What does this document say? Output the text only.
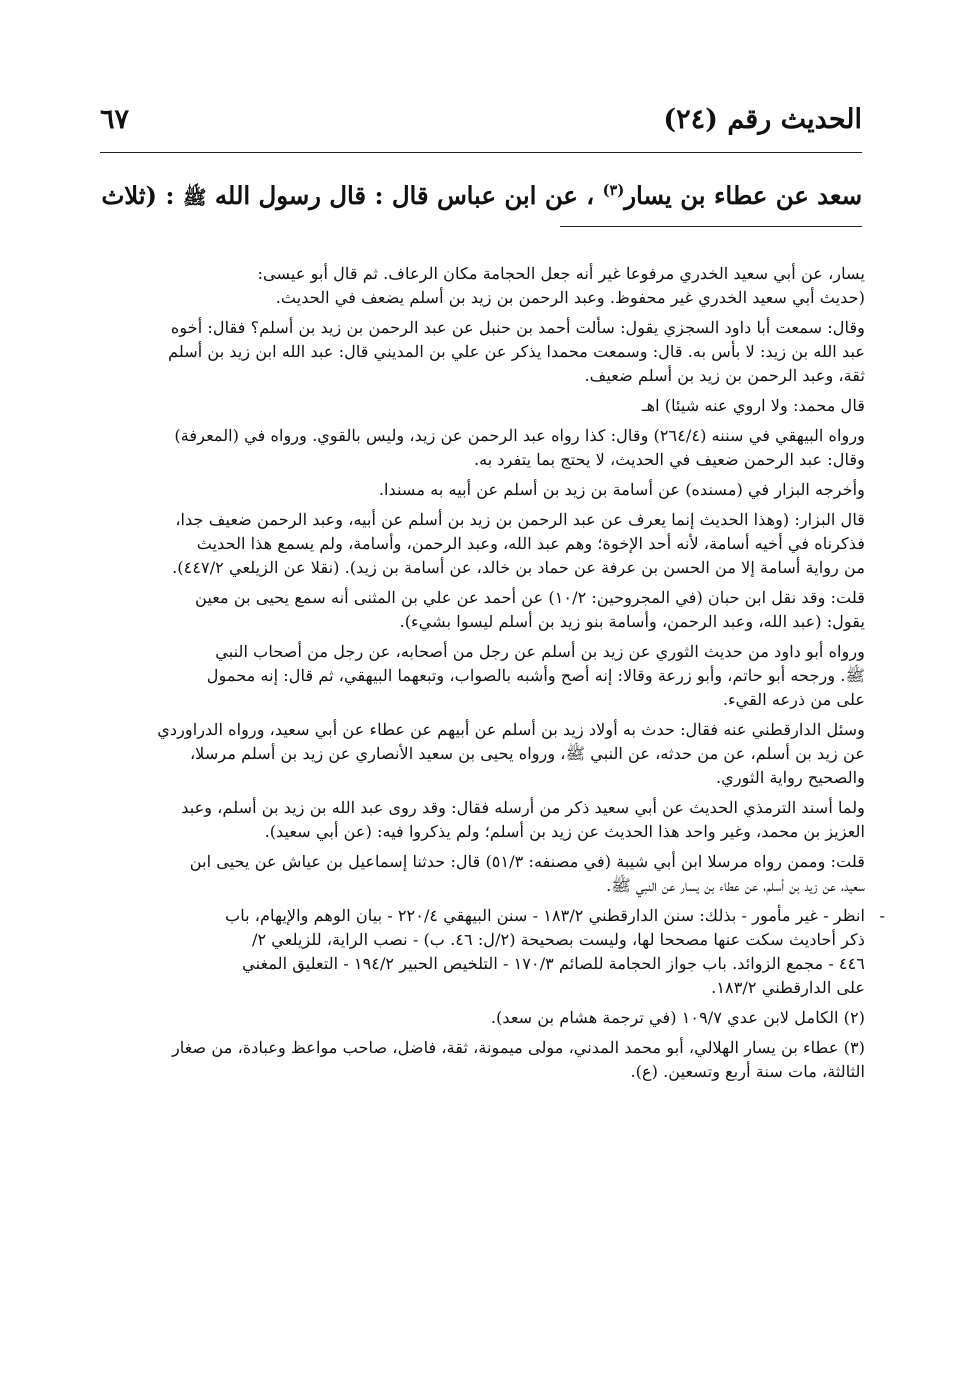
الحديث رقم (٢٤)
٦٧
سعد عن عطاء بن يسار$^{(٣)}$ ، عن ابن عباس قال : قال رسول الله ﷺ : (ثلاث
يسار، عن أبي سعيد الخدري مرفوعا غير أنه جعل الحجامة مكان الرعاف. ثم قال أبو عيسى:
(حديث أبي سعيد الخدري غير محفوظ. وعبد الرحمن بن زيد بن أسلم يضعف في الحديث.
وقال: سمعت أبا داود السجزي يقول: سألت أحمد بن حنبل عن عبد الرحمن بن زيد بن أسلم؟ فقال: أخوه
عبد الله بن زيد: لا بأس به. قال: وسمعت محمدا يذكر عن علي بن المديني قال: عبد الله ابن زيد بن أسلم
ثقة، وعبد الرحمن بن زيد بن أسلم ضعيف.
قال محمد: ولا اروي عنه شيئا) اهـ
ورواه البيهقي في سننه (٢٦٤/٤) وقال: كذا رواه عبد الرحمن عن زيد، وليس بالقوي. ورواه في (المعرفة)
وقال: عبد الرحمن ضعيف في الحديث، لا يحتج بما يتفرد به.
وأخرجه البزار في (مسنده) عن أسامة بن زيد بن أسلم عن أبيه به مسندا.
قال البزار: (وهذا الحديث إنما يعرف عن عبد الرحمن بن زيد بن أسلم عن أبيه، وعبد الرحمن ضعيف جدا،
فذكرناه في أخيه أسامة، لأنه أحد الإخوة؛ وهم عبد الله، وعبد الرحمن، وأسامة، ولم يسمع هذا الحديث
من رواية أسامة إلا من الحسن بن عرفة عن حماد بن خالد، عن أسامة بن زيد). (نقلا عن الزيلعي ٤٤٧/٢).
قلت: وقد نقل ابن حبان (في المجروحين: ١٠/٢) عن أحمد عن علي بن المثنى أنه سمع يحيى بن معين
يقول: (عبد الله، وعبد الرحمن، وأسامة بنو زيد بن أسلم ليسوا بشيء).
ورواه أبو داود من حديث الثوري عن زيد بن أسلم عن رجل من أصحابه، عن رجل من أصحاب النبي
ﷺ. ورجحه أبو حاتم، وأبو زرعة وقالا: إنه أصح وأشبه بالصواب، وتبعهما البيهقي، ثم قال: إنه محمول
على من ذرعه القيء.
وسئل الدارقطني عنه فقال: حدث به أولاد زيد بن أسلم عن أبيهم عن عطاء عن أبي سعيد، ورواه الدراوردي
عن زيد بن أسلم، عن من حدثه، عن النبي ﷺ، ورواه يحيى بن سعيد الأنصاري عن زيد بن أسلم مرسلا،
والصحيح رواية الثوري.
ولما أسند الترمذي الحديث عن أبي سعيد ذكر من أرسله فقال: وقد روى عبد الله بن زيد بن أسلم، وعبد
العزيز بن محمد، وغير واحد هذا الحديث عن زيد بن أسلم؛ ولم يذكروا فيه: (عن أبي سعيد).
قلت: وممن رواه مرسلا ابن أبي شيبة (في مصنفه: ٥١/٣) قال: حدثنا إسماعيل بن عياش عن يحيى ابن
سعيد، عن زيد بن أسلم، عن عطاء بن يسار عن النبي ﷺ.
-
انظر - غير مأمور - بذلك: سنن الدارقطني ١٨٣/٢ - سنن البيهقي ٢٢٠/٤ - بيان الوهم والإيهام، باب
ذكر أحاديث سكت عنها مصححا لها، وليست بصحيحة (٢/ل: ٤٦. ب) - نصب الراية، للزيلعي ٢/
٤٤٦ - مجمع الزوائد. باب جواز الحجامة للصائم ١٧٠/٣ - التلخيص الحبير ١٩٤/٢ - التعليق المغني
على الدارقطني ١٨٣/٢.
(٢) الكامل لابن عدي ١٠٩/٧ (في ترجمة هشام بن سعد).
(٣) عطاء بن يسار الهلالي، أبو محمد المدني، مولى ميمونة، ثقة، فاضل، صاحب مواعظ وعبادة، من صغار
الثالثة، مات سنة أربع وتسعين. (ع).
